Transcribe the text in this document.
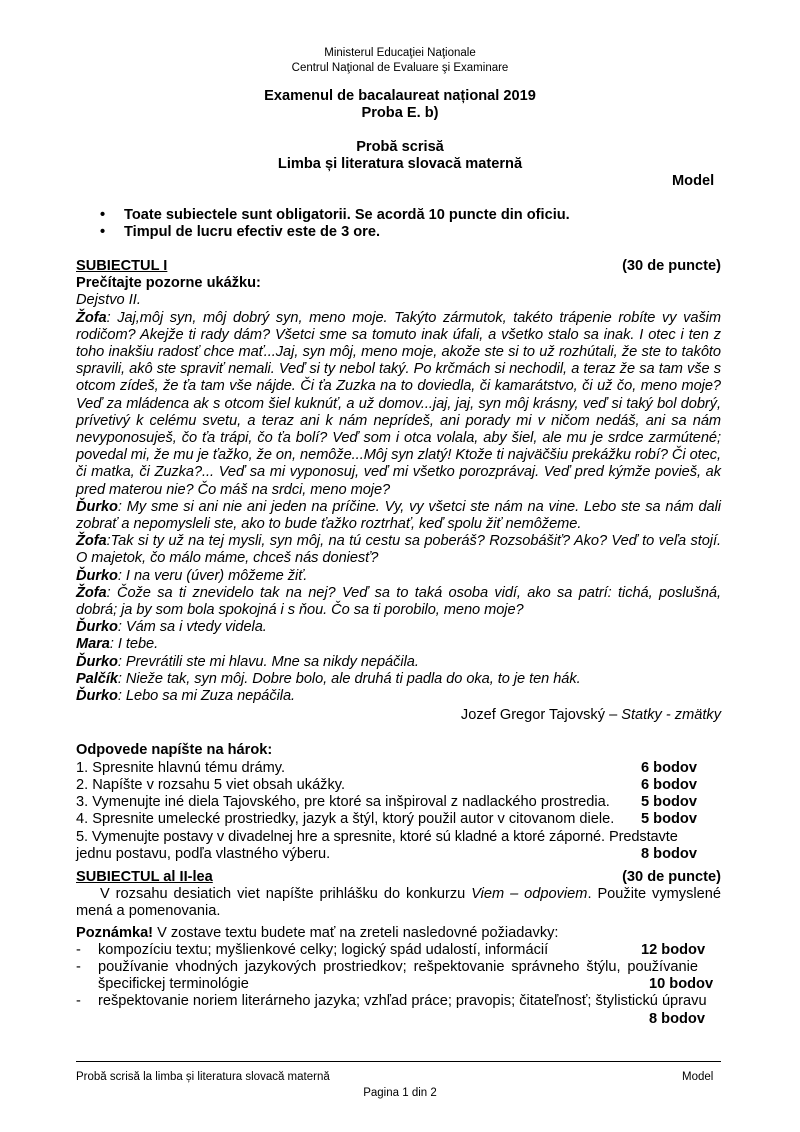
Ministerul Educaţiei Naţionale
Centrul Naţional de Evaluare şi Examinare
Examenul de bacalaureat național 2019
Proba E. b)
Probă scrisă
Limba și literatura slovacă maternă
Model
•	Toate subiectele sunt obligatorii. Se acordă 10 puncte din oficiu.
•	Timpul de lucru efectiv este de 3 ore.
SUBIECTUL I	(30 de puncte)
Prečítajte pozorne ukážku:
Dejstvo II.

Žofa: Jaj,môj syn, môj dobrý syn, meno moje. Takýto zármutok, takéto trápenie robíte vy vašim rodičom? Akejže ti rady dám? Všetci sme sa tomuto inak úfali, a všetko stalo sa inak. I otec i ten z toho inakšiu radosť chce mať...Jaj, syn môj, meno moje, akože ste si to už rozhútali, že ste to takôto spravili, akô ste spraviť nemali. Veď si ty nebol taký. Po krčmách si nechodil, a teraz že sa tam vše s otcom zídeš, že ťa tam vše nájde. Či ťa Zuzka na to doviedla, či kamarátstvo, či už čo, meno moje? Veď za mládenca ak s otcom šiel kuknúť, a už domov...jaj, jaj, syn môj krásny, veď si taký bol dobrý, prívetivý k celému svetu, a teraz ani k nám neprídeš, ani porady mi v ničom nedáš, ani sa nám nevyponosuješ, čo ťa trápi, čo ťa bolí? Veď som i otca volala, aby šiel, ale mu je srdce zarmútené; povedal mi, že mu je ťažko, že on, nemôže...Môj syn zlatý! Ktože ti najväčšiu prekážku robí? Či otec, či matka, či Zuzka?... Veď sa mi vyponosuj, veď mi všetko porozprávaj. Veď pred kýmže povieš, ak pred materou nie? Čo máš na srdci, meno moje?

Ďurko: My sme si ani nie ani jeden na príčine. Vy, vy všetci ste nám na vine. Lebo ste sa nám dali zobrať a nepomysleli ste, ako to bude ťažko roztrhať, keď spolu žiť nemôžeme.

Žofa:Tak si ty už na tej mysli, syn môj, na tú cestu sa poberáš? Rozsobášiť? Ako? Veď to veľa stojí. O majetok, čo málo máme, chceš nás doniesť?

Ďurko: I na veru (úver) môžeme žiť.

Žofa: Čože sa ti znevidelo tak na nej? Veď sa to taká osoba vidí, ako sa patrí: tichá, poslušná, dobrá; ja by som bola spokojná i s ňou. Čo sa ti porobilo, meno moje?

Ďurko: Vám sa i vtedy videla.

Mara: I tebe.

Ďurko: Prevrátili ste mi hlavu. Mne sa nikdy nepáčila.

Palčík: Nieže tak, syn môj. Dobre bolo, ale druhá ti padla do oka, to je ten hák.

Ďurko: Lebo sa mi Zuza nepáčila.

Jozef Gregor Tajovský – Statky - zmätky
Odpovede napíšte na hárok:
1. Spresnite hlavnú tému drámy.	6 bodov
2. Napíšte v rozsahu 5 viet obsah ukážky.	6 bodov
3. Vymenujte iné diela Tajovského, pre ktoré sa inšpiroval z nadlackého prostredia. 5 bodov
4. Spresnite umelecké prostriedky, jazyk a štýl, ktorý použil autor v citovanom diele. 5 bodov
5. Vymenujte postavy v divadelnej hre a spresnite, ktoré sú kladné a ktoré záporné. Predstavte
jednu postavu, podľa vlastného výberu.	8 bodov
SUBIECTUL al II-lea	(30 de puncte)
V rozsahu desiatich viet napíšte prihlášku do konkurzu Viem – odpoviem. Použite vymyslené mená a pomenovania.
Poznámka! V zostave textu budete mať na zreteli nasledovné požiadavky:
-	kompozíciu textu; myšlienkové celky; logický spád udalostí, informácií	12 bodov
-	používanie vhodných jazykových prostriedkov; rešpektovanie správneho štýlu, používanie špecifickej terminológie	10 bodov
-	rešpektovanie noriem literárneho jazyka; vzhľad práce; pravopis; čitateľnosť; štylistickú úpravu
8 bodov
Probă scrisă la limba și literatura slovacă maternă	Model
Pagina 1 din 2
